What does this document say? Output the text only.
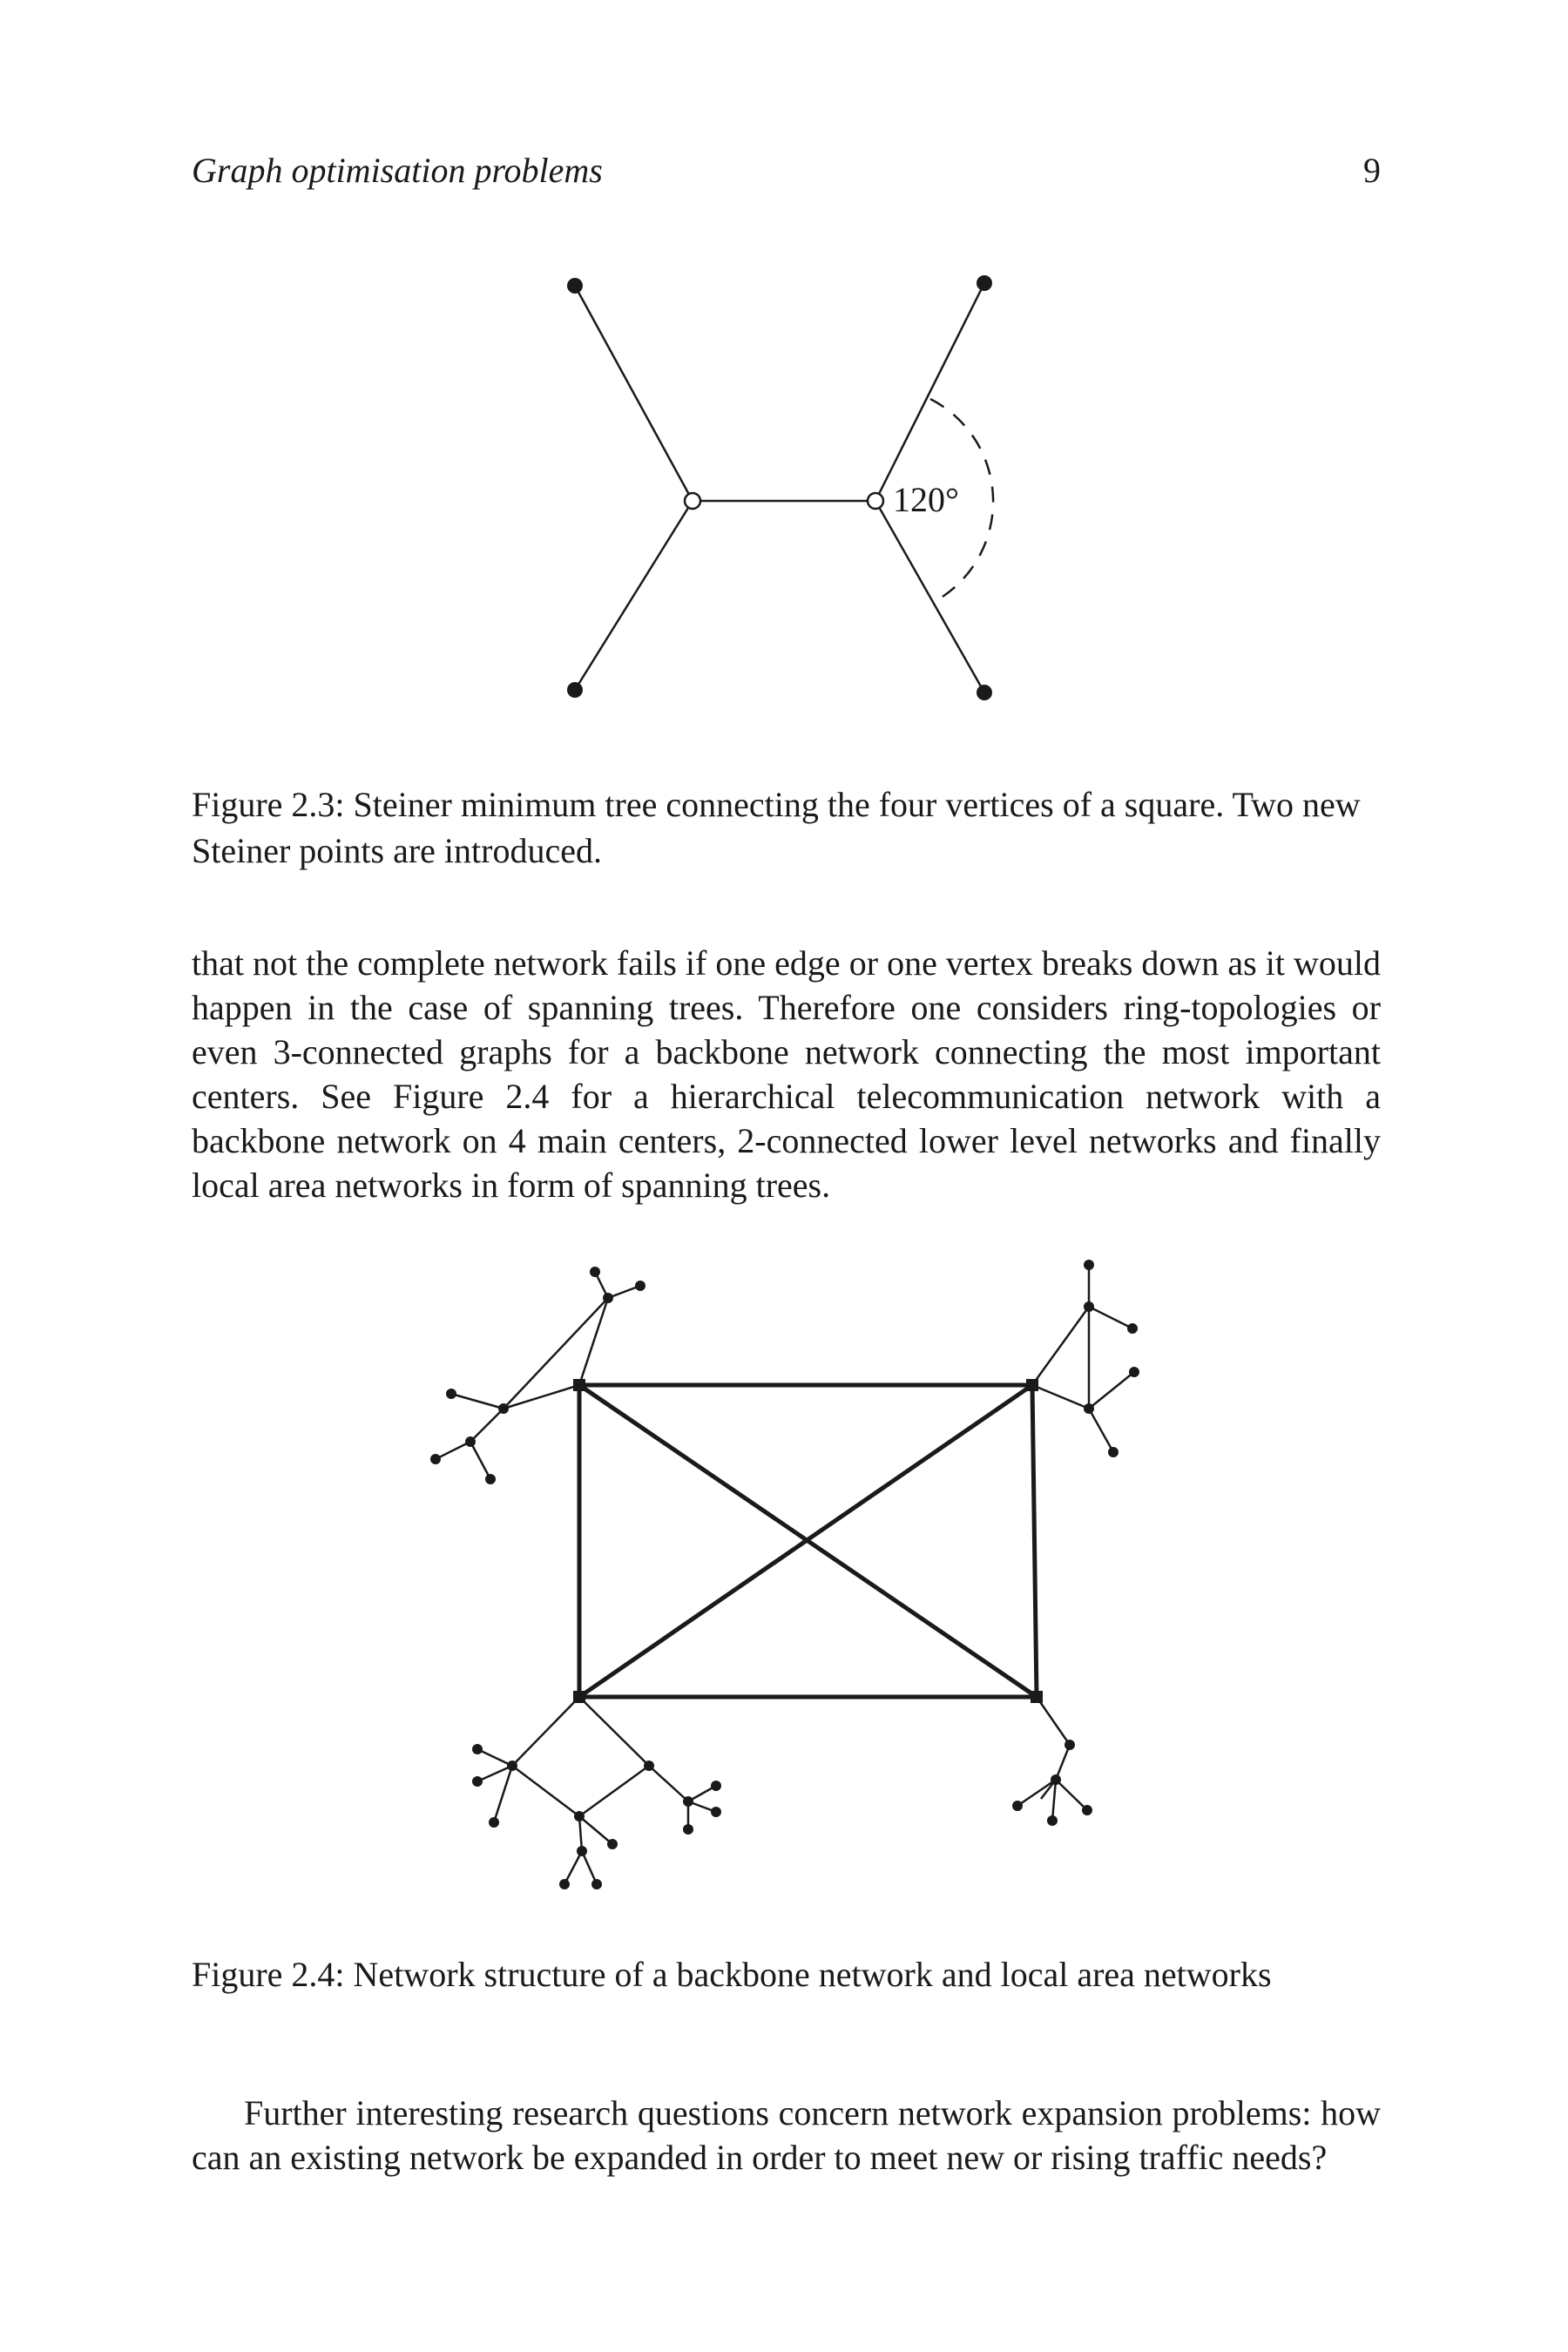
Graph optimisation problems	9
120°
Figure 2.3: Steiner minimum tree connecting the four vertices of a square. Two new Steiner points are introduced.
that not the complete network fails if one edge or one vertex breaks down as it would happen in the case of spanning trees. Therefore one considers ring-topologies or even 3-connected graphs for a backbone network connecting the most important centers. See Figure 2.4 for a hierarchical telecommunication network with a backbone network on 4 main centers, 2-connected lower level networks and finally local area networks in form of spanning trees.
Figure 2.4: Network structure of a backbone network and local area networks
Further interesting research questions concern network expansion problems: how can an existing network be expanded in order to meet new or rising traffic needs?
